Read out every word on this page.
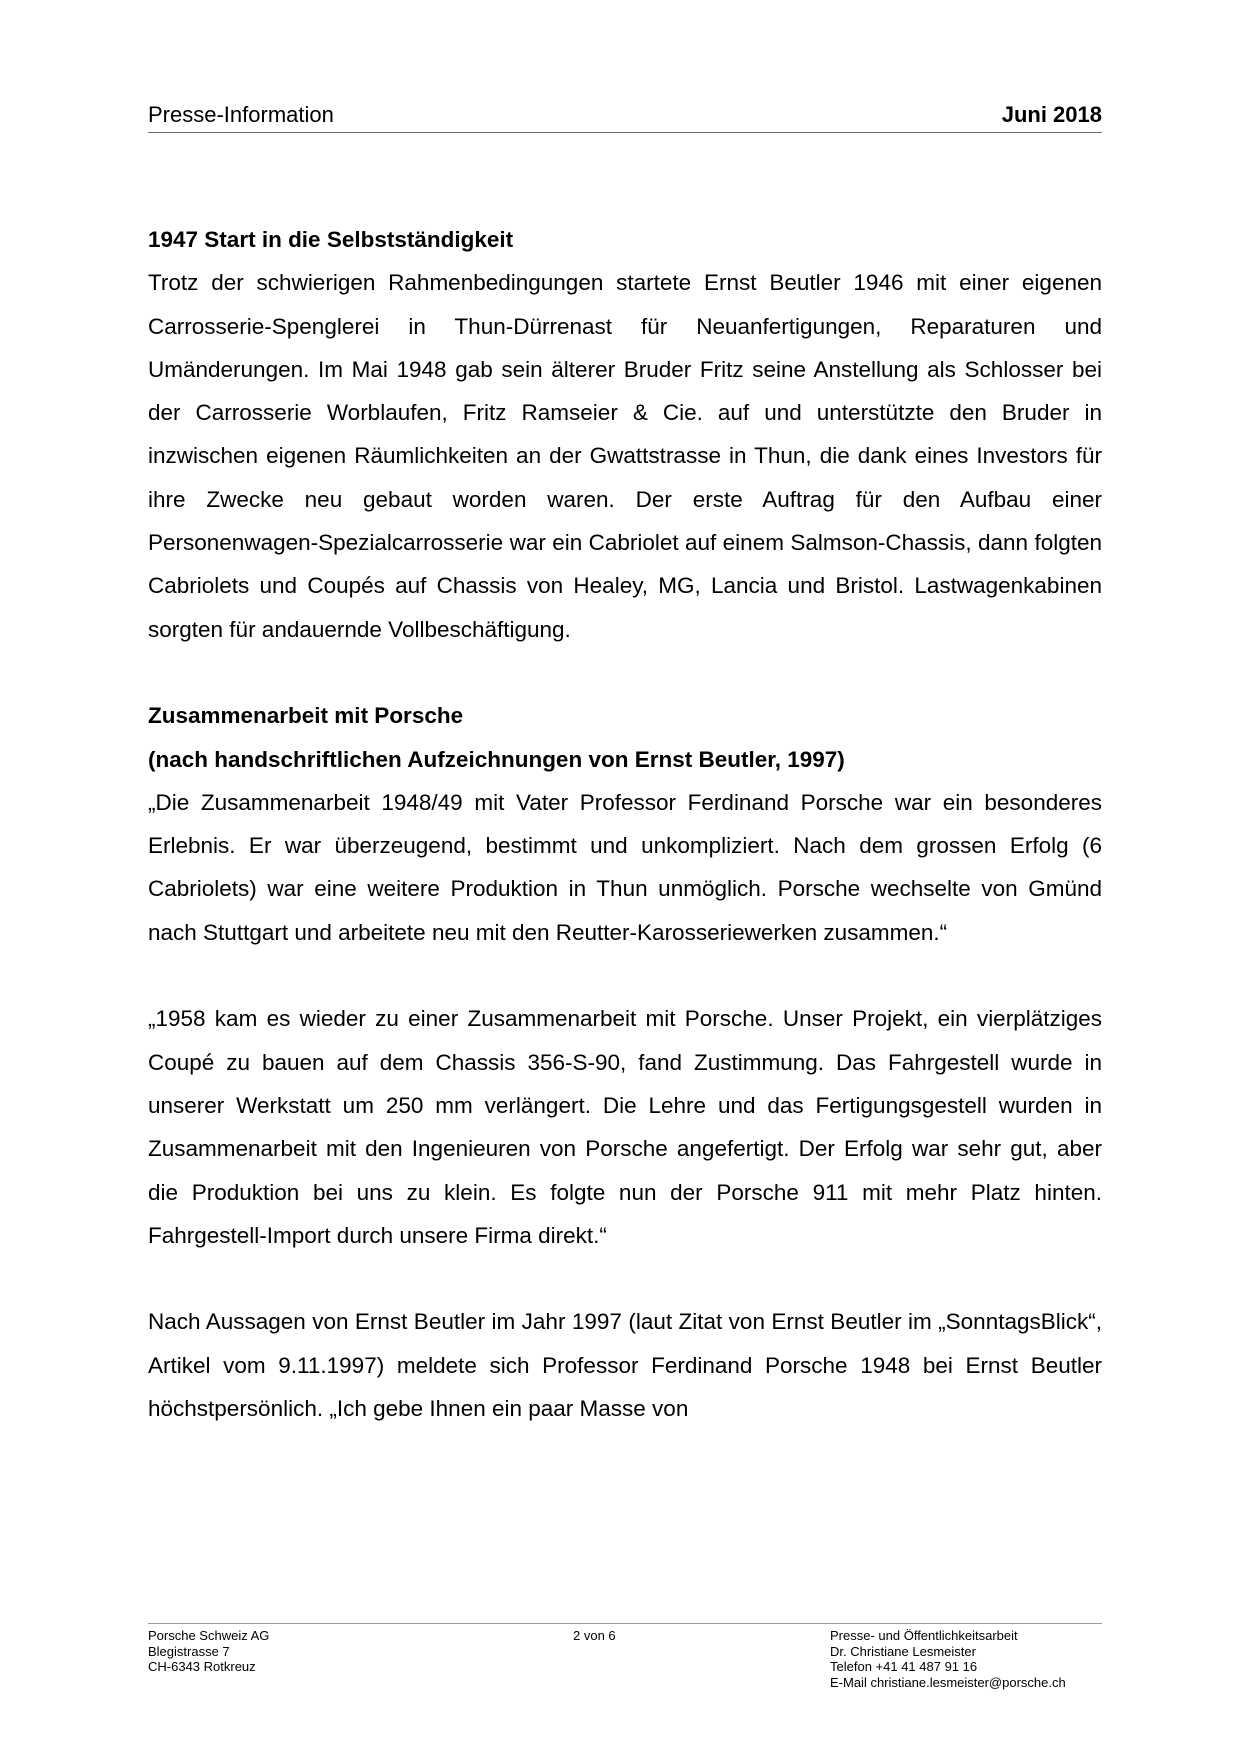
Presse-Information	Juni 2018

1947 Start in die Selbstständigkeit

Trotz der schwierigen Rahmenbedingungen startete Ernst Beutler 1946 mit einer eigenen Carrosserie-Spenglerei in Thun-Dürrenast für Neuanfertigungen, Reparaturen und Umänderungen. Im Mai 1948 gab sein älterer Bruder Fritz seine Anstellung als Schlosser bei der Carrosserie Worblaufen, Fritz Ramseier & Cie. auf und unterstützte den Bruder in inzwischen eigenen Räumlichkeiten an der Gwattstrasse in Thun, die dank eines Investors für ihre Zwecke neu gebaut worden waren. Der erste Auftrag für den Aufbau einer Personenwagen-Spezialcarrosserie war ein Cabriolet auf einem Salmson-Chassis, dann folgten Cabriolets und Coupés auf Chassis von Healey, MG, Lancia und Bristol. Lastwagenkabinen sorgten für andauernde Vollbeschäftigung.

Zusammenarbeit mit Porsche

(nach handschriftlichen Aufzeichnungen von Ernst Beutler, 1997)

„Die Zusammenarbeit 1948/49 mit Vater Professor Ferdinand Porsche war ein besonderes Erlebnis. Er war überzeugend, bestimmt und unkompliziert. Nach dem grossen Erfolg (6 Cabriolets) war eine weitere Produktion in Thun unmöglich. Porsche wechselte von Gmünd nach Stuttgart und arbeitete neu mit den Reutter-Karosseriewerken zusammen.“

„1958 kam es wieder zu einer Zusammenarbeit mit Porsche. Unser Projekt, ein vierplätziges Coupé zu bauen auf dem Chassis 356-S-90, fand Zustimmung. Das Fahrgestell wurde in unserer Werkstatt um 250 mm verlängert. Die Lehre und das Fertigungsgestell wurden in Zusammenarbeit mit den Ingenieuren von Porsche angefertigt. Der Erfolg war sehr gut, aber die Produktion bei uns zu klein. Es folgte nun der Porsche 911 mit mehr Platz hinten. Fahrgestell-Import durch unsere Firma direkt.“

Nach Aussagen von Ernst Beutler im Jahr 1997 (laut Zitat von Ernst Beutler im „SonntagsBlick“, Artikel vom 9.11.1997) meldete sich Professor Ferdinand Porsche 1948 bei Ernst Beutler höchstpersönlich. „Ich gebe Ihnen ein paar Masse von

Porsche Schweiz AG
Blegistrasse 7
CH-6343 Rotkreuz
2 von 6	Presse- und Öffentlichkeitsarbeit
Dr. Christiane Lesmeister
Telefon +41 41 487 91 16
E-Mail christiane.lesmeister@porsche.ch
